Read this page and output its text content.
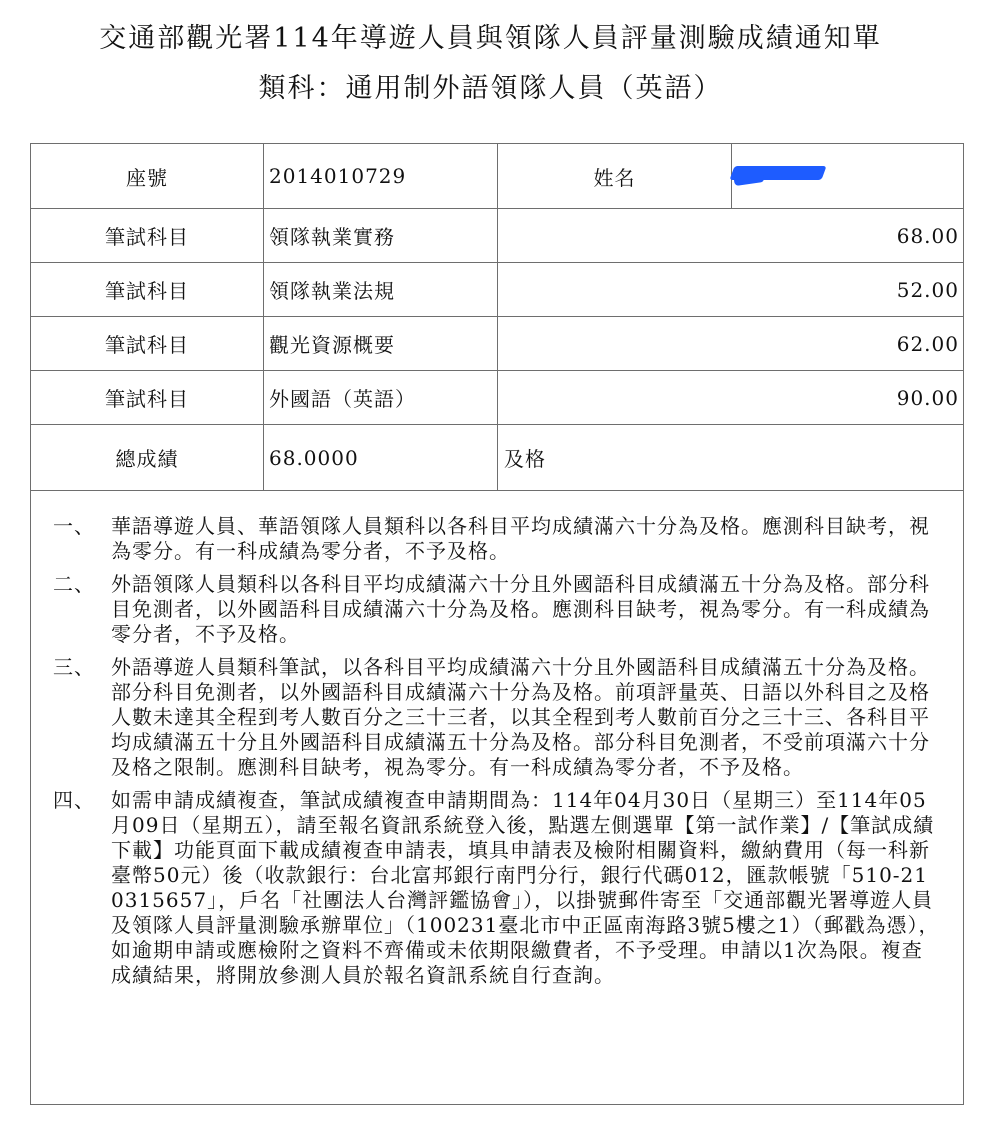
交通部觀光署114年導遊人員與領隊人員評量測驗成績通知單
類科：通用制外語領隊人員（英語）
座號	2014010729	姓名
筆試科目	領隊執業實務	68.00
筆試科目	領隊執業法規	52.00
筆試科目	觀光資源概要	62.00
筆試科目	外國語（英語）	90.00
總成績	68.0000	及格
一、 華語導遊人員、華語領隊人員類科以各科目平均成績滿六十分為及格。應測科目缺考，視為零分。有一科成績為零分者，不予及格。
二、 外語領隊人員類科以各科目平均成績滿六十分且外國語科目成績滿五十分為及格。部分科目免測者，以外國語科目成績滿六十分為及格。應測科目缺考，視為零分。有一科成績為零分者，不予及格。
三、 外語導遊人員類科筆試，以各科目平均成績滿六十分且外國語科目成績滿五十分為及格。部分科目免測者，以外國語科目成績滿六十分為及格。前項評量英、日語以外科目之及格人數未達其全程到考人數百分之三十三者，以其全程到考人數前百分之三十三、各科目平均成績滿五十分且外國語科目成績滿五十分為及格。部分科目免測者，不受前項滿六十分及格之限制。應測科目缺考，視為零分。有一科成績為零分者，不予及格。
四、 如需申請成績複查，筆試成績複查申請期間為：114年04月30日（星期三）至114年05月09日（星期五），請至報名資訊系統登入後，點選左側選單【第一試作業】/【筆試成績下載】功能頁面下載成績複查申請表，填具申請表及檢附相關資料，繳納費用（每一科新臺幣50元）後（收款銀行：台北富邦銀行南門分行，銀行代碼012，匯款帳號「510-210315657」，戶名「社團法人台灣評鑑協會」），以掛號郵件寄至「交通部觀光署導遊人員及領隊人員評量測驗承辦單位」（100231臺北市中正區南海路3號5樓之1）（郵戳為憑），如逾期申請或應檢附之資料不齊備或未依期限繳費者，不予受理。申請以1次為限。複查成績結果，將開放參測人員於報名資訊系統自行查詢。
